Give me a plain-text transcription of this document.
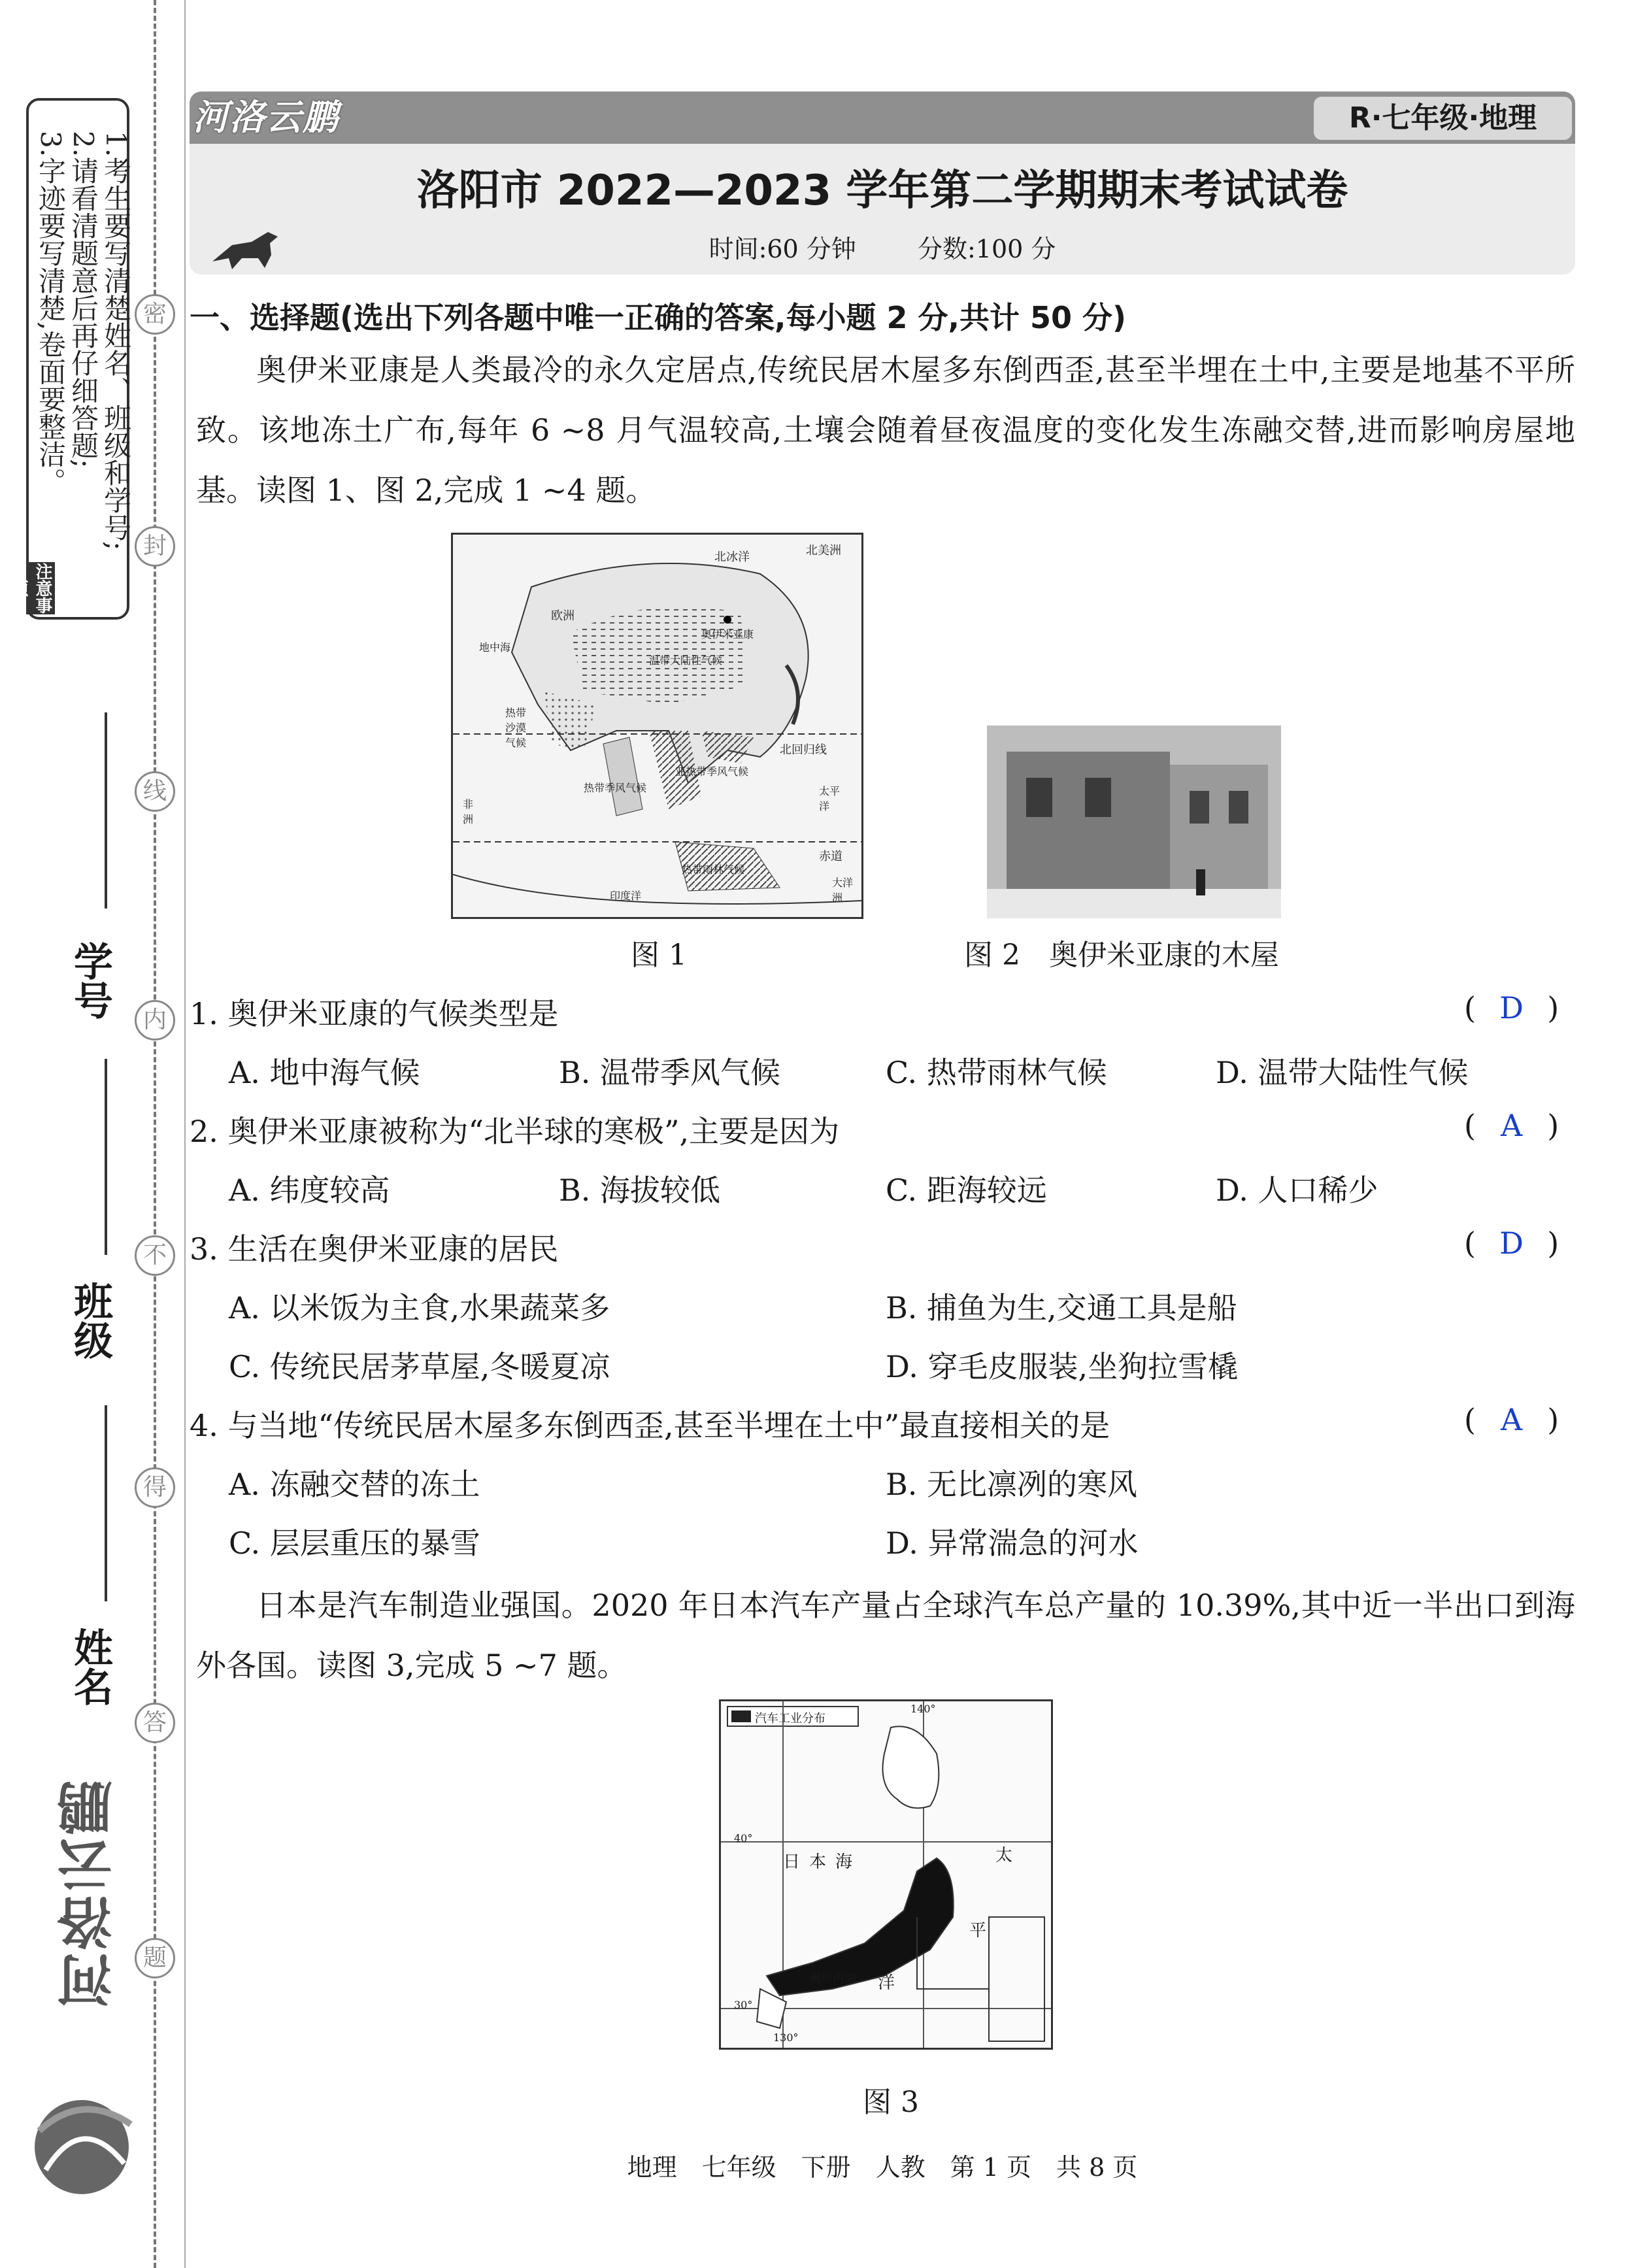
1.考生要写清楚姓名、班级和学号;
2.请看清题意后再仔细答题;
3.字迹要写清楚,卷面要整洁。
注意事项
密
封
线
内
不
得
答
题
学号
班级
姓名
河洛云鹏
河洛云鹏	R·七年级·地理
洛阳市 2022—2023 学年第二学期期末考试试卷
时间:60 分钟 分数:100 分
一、选择题(选出下列各题中唯一正确的答案,每小题 2 分,共计 50 分)
奥伊米亚康是人类最冷的永久定居点,传统民居木屋多东倒西歪,甚至半埋在土中,主要是地基不平所致。该地冻土广布,每年 6 ~8 月气温较高,土壤会随着昼夜温度的变化发生冻融交替,进而影响房屋地基。读图 1、图 2,完成 1 ~4 题。
北冰洋	北美洲
欧洲
地中海
奥伊米亚康
温带大陆性气候
热带沙漠气候
亚热带季风气候
热带季风气候
热带雨林气候
北回归线
赤道
非洲
大洋洲
太平洋
印度洋
图 1	图 2　奥伊米亚康的木屋
1. 奥伊米亚康的气候类型是	( D )
A. 地中海气候	B. 温带季风气候	C. 热带雨林气候	D. 温带大陆性气候
2. 奥伊米亚康被称为“北半球的寒极”,主要是因为	( A )
A. 纬度较高	B. 海拔较低	C. 距海较远	D. 人口稀少
3. 生活在奥伊米亚康的居民	( D )
A. 以米饭为主食,水果蔬菜多	B. 捕鱼为生,交通工具是船
C. 传统民居茅草屋,冬暖夏凉	D. 穿毛皮服装,坐狗拉雪橇
4. 与当地“传统民居木屋多东倒西歪,甚至半埋在土中”最直接相关的是	( A )
A. 冻融交替的冻土	B. 无比凛冽的寒风
C. 层层重压的暴雪	D. 异常湍急的河水
日本是汽车制造业强国。2020 年日本汽车产量占全球汽车总产量的 10.39%,其中近一半出口到海外各国。读图 3,完成 5 ~7 题。
汽车工业分布
日本海	太
平
洋
濑户内海
140°
40°
30°
130°
图 3
地理　七年级　下册　人教　第 1 页　共 8 页
